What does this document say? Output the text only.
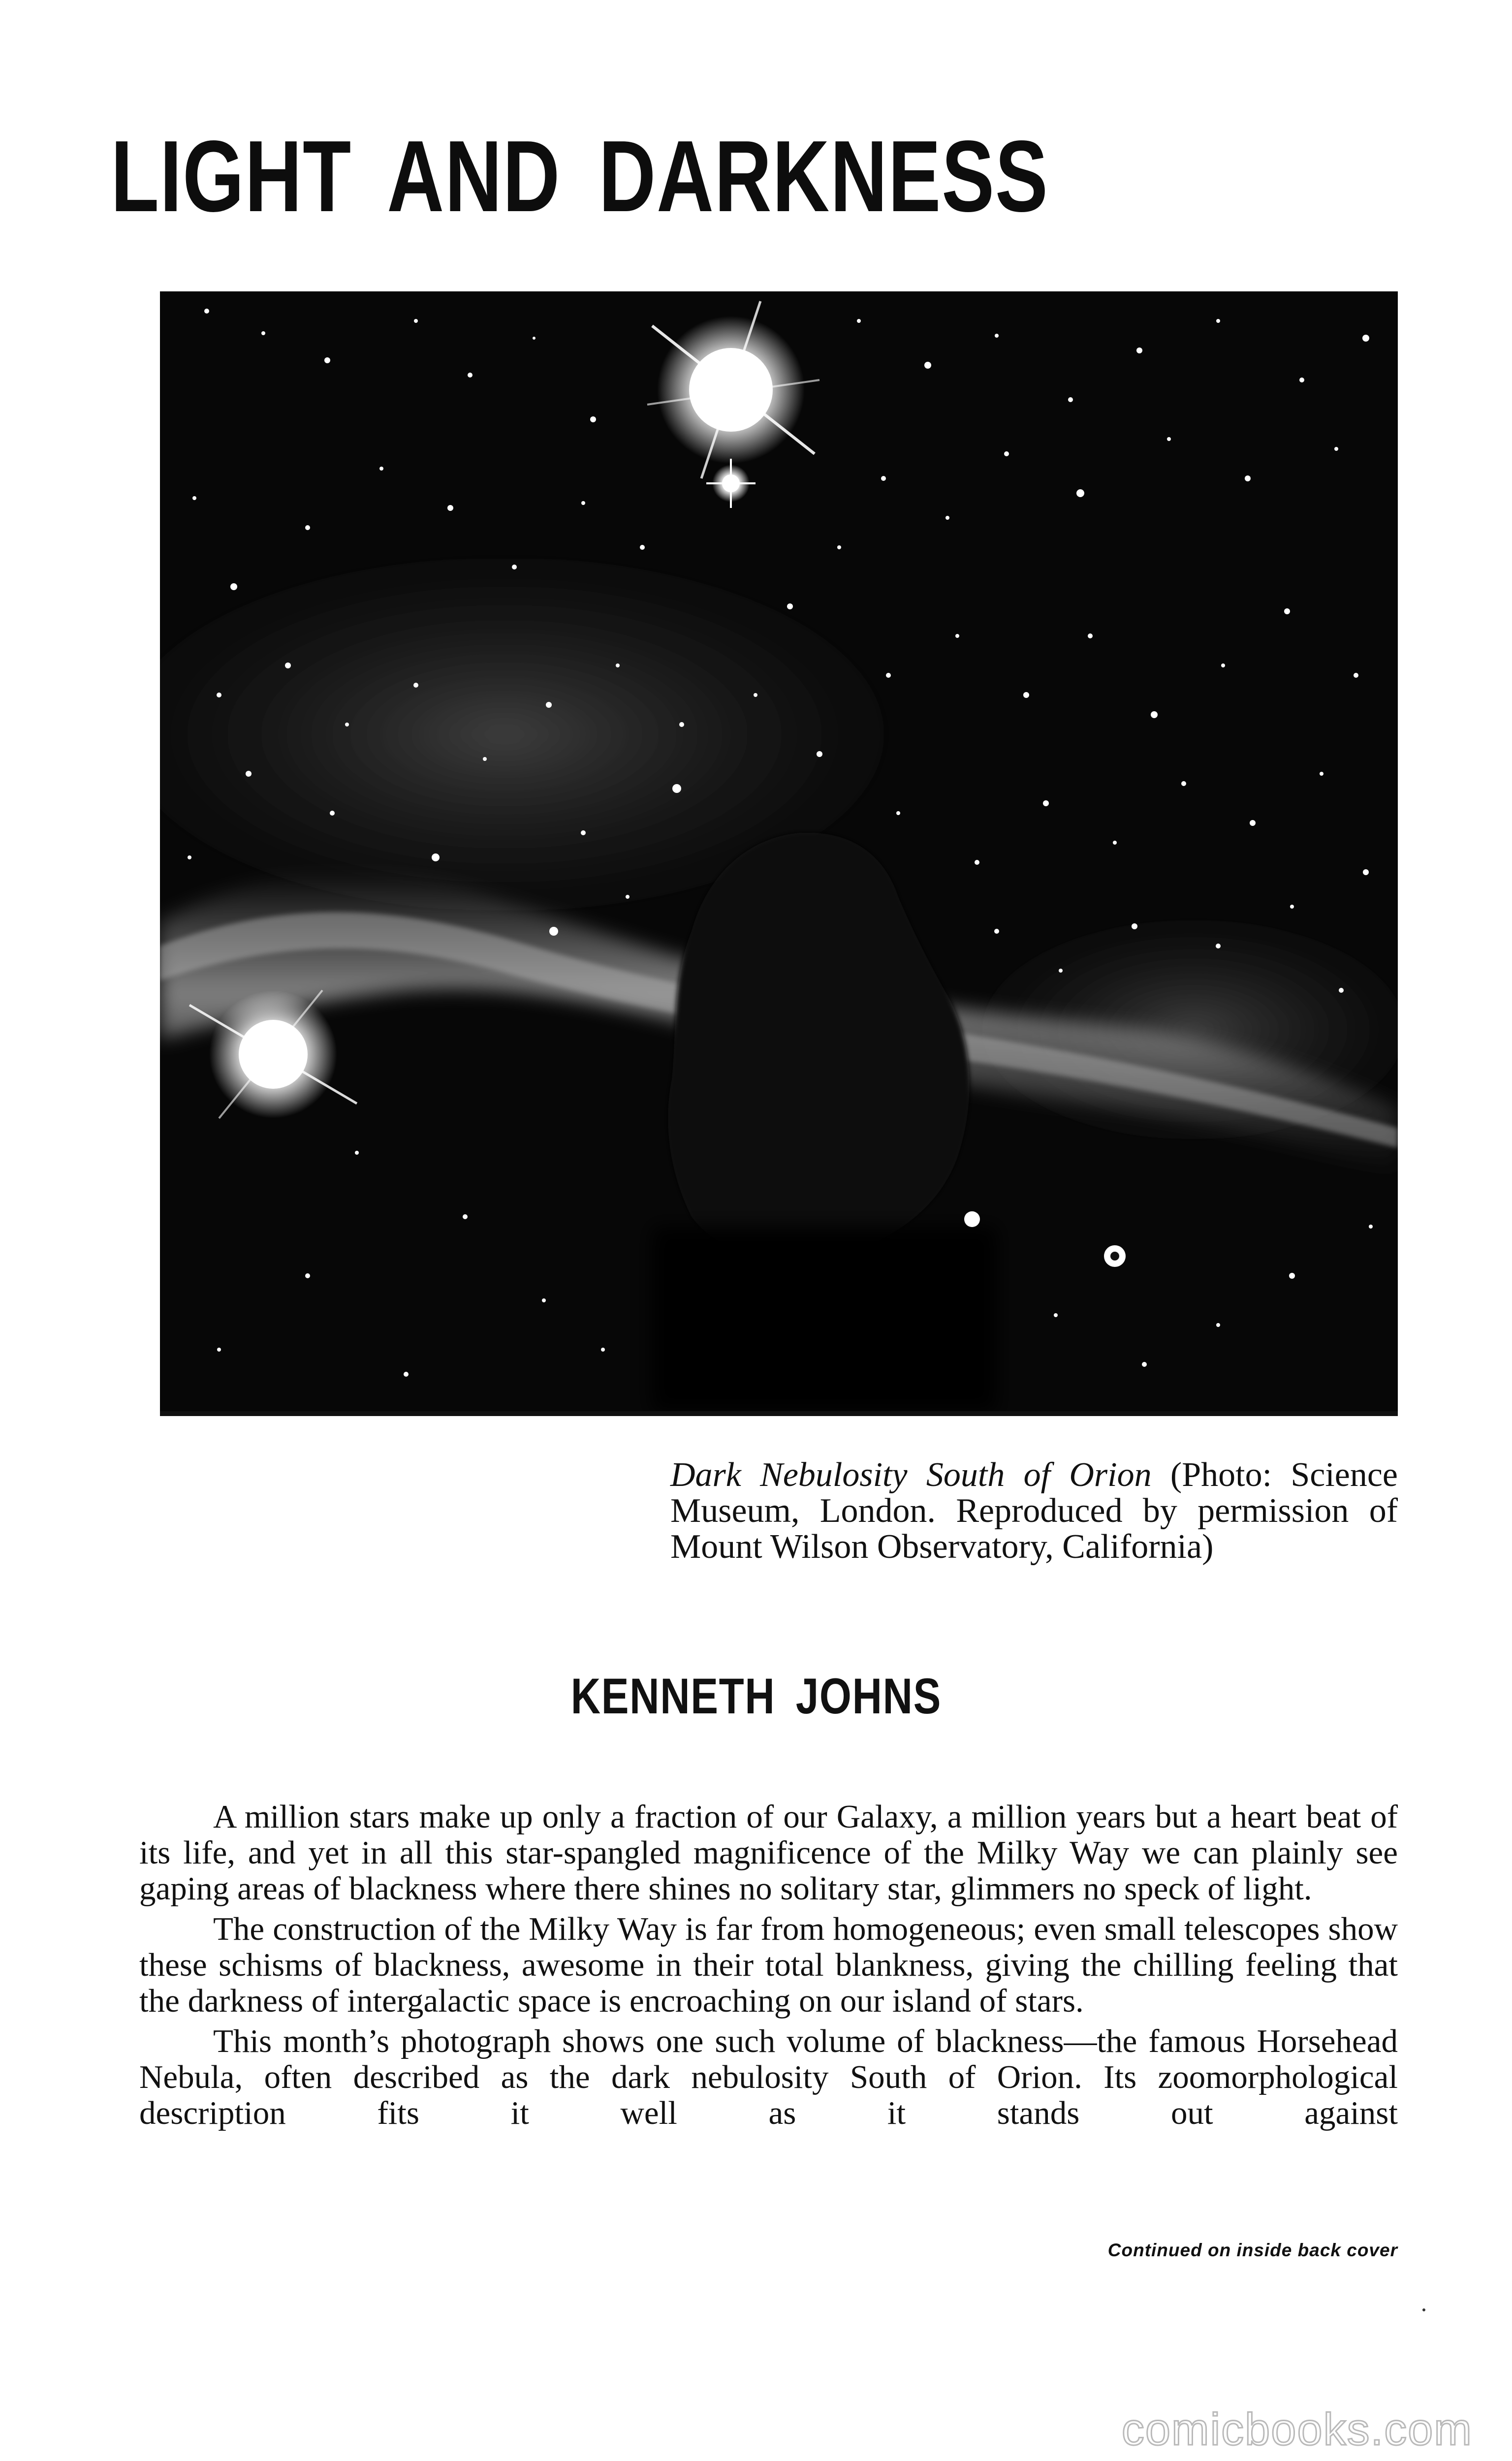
LIGHT AND DARKNESS

Dark Nebulosity South of Orion (Photo: Science Museum, London. Reproduced by permission of Mount Wilson Observatory, California)

KENNETH JOHNS

A million stars make up only a fraction of our Galaxy, a million years but a heart beat of its life, and yet in all this star-spangled magnificence of the Milky Way we can plainly see gaping areas of blackness where there shines no solitary star, glimmers no speck of light.

The construction of the Milky Way is far from homogeneous; even small telescopes show these schisms of blackness, awesome in their total blankness, giving the chilling feeling that the darkness of intergalactic space is encroaching on our island of stars.

This month’s photograph shows one such volume of blackness—the famous Horsehead Nebula, often described as the dark nebulosity South of Orion. Its zoomorphological description fits it well as it stands out against

Continued on inside back cover

comicbooks.com
